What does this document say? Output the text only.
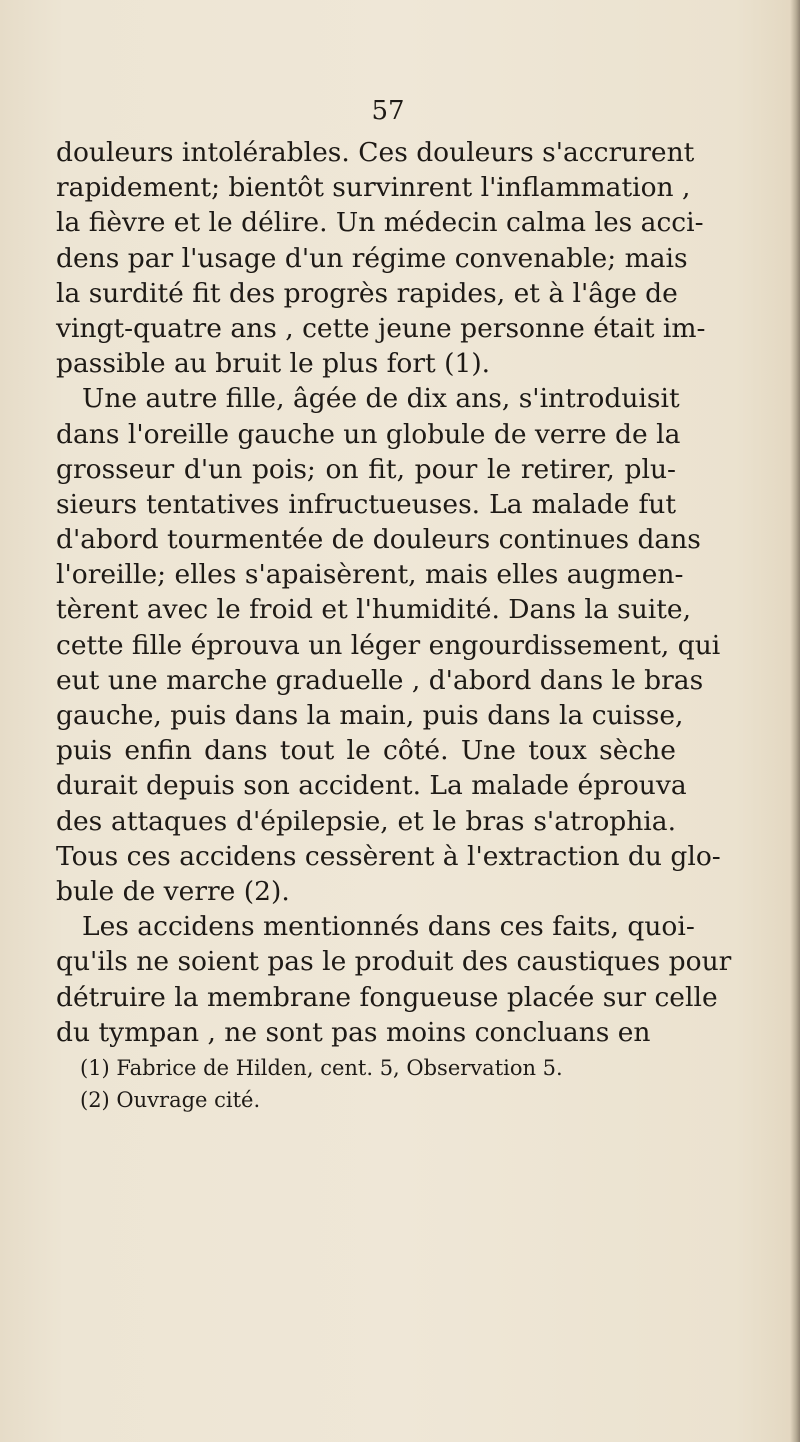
57
douleurs intolérables. Ces douleurs s'accrurent
rapidement; bientôt survinrent l'inflammation ,
la fièvre et le délire. Un médecin calma les acci-
dens par l'usage d'un régime convenable; mais
la surdité fit des progrès rapides, et à l'âge de
vingt-quatre ans , cette jeune personne était im-
passible au bruit le plus fort (1).
Une autre fille, âgée de dix ans, s'introduisit
dans l'oreille gauche un globule de verre de la
grosseur d'un pois; on fit, pour le retirer, plu-
sieurs tentatives infructueuses. La malade fut
d'abord tourmentée de douleurs continues dans
l'oreille; elles s'apaisèrent, mais elles augmen-
tèrent avec le froid et l'humidité. Dans la suite,
cette fille éprouva un léger engourdissement, qui
eut une marche graduelle , d'abord dans le bras
gauche, puis dans la main, puis dans la cuisse,
puis enfin dans tout le côté. Une toux sèche
durait depuis son accident. La malade éprouva
des attaques d'épilepsie, et le bras s'atrophia.
Tous ces accidens cessèrent à l'extraction du glo-
bule de verre (2).
Les accidens mentionnés dans ces faits, quoi-
qu'ils ne soient pas le produit des caustiques pour
détruire la membrane fongueuse placée sur celle
du tympan , ne sont pas moins concluans en
(1) Fabrice de Hilden, cent. 5, Observation 5.
(2) Ouvrage cité.
